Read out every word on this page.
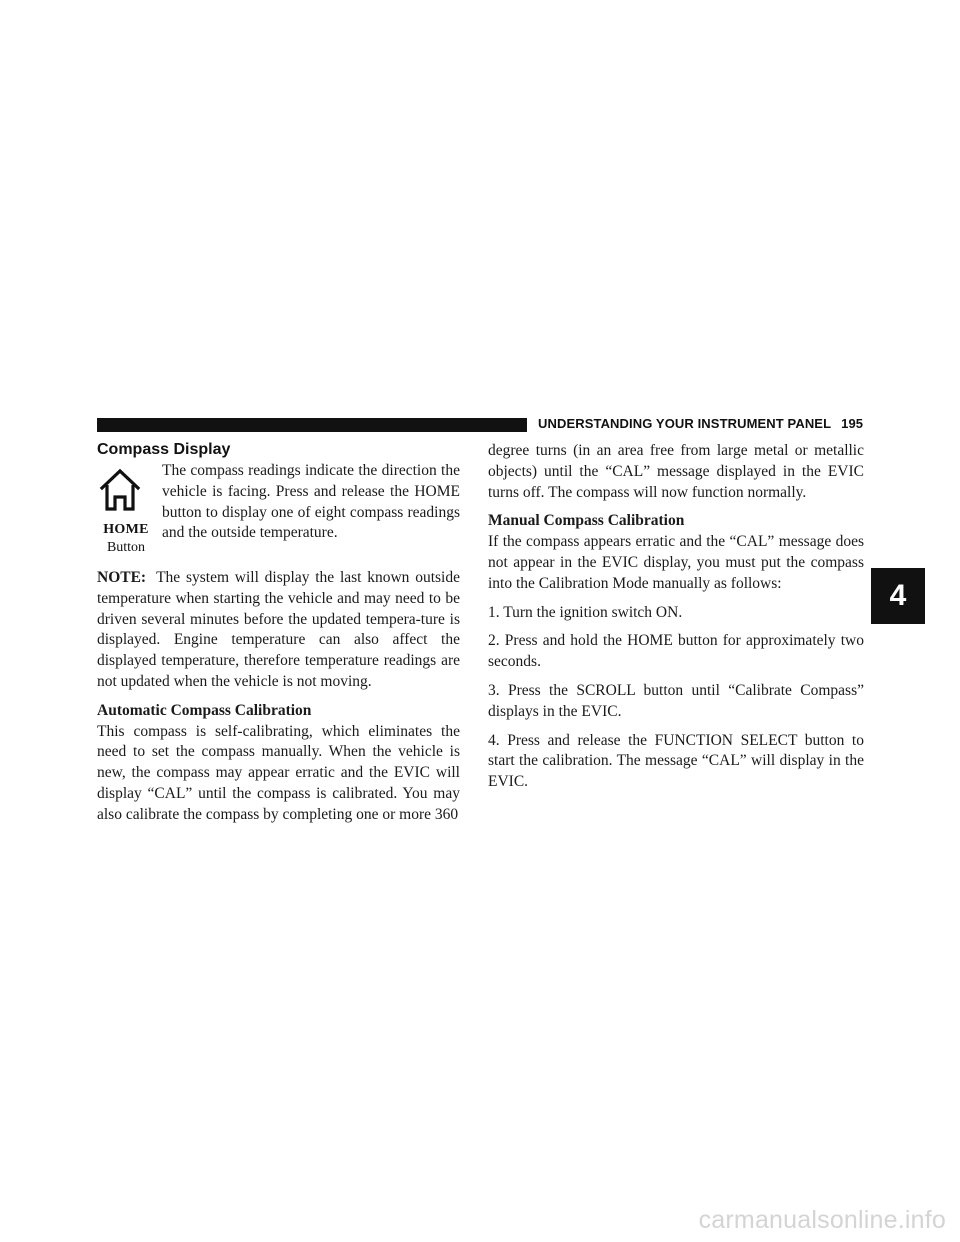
UNDERSTANDING YOUR INSTRUMENT PANEL 195
Compass Display
HOME
Button

The compass readings indicate the direction the vehicle is facing. Press and release the HOME button to display one of eight compass readings and the outside temperature.

NOTE: The system will display the last known outside temperature when starting the vehicle and may need to be driven several minutes before the updated tempera-ture is displayed. Engine temperature can also affect the displayed temperature, therefore temperature readings are not updated when the vehicle is not moving.

Automatic Compass Calibration

This compass is self-calibrating, which eliminates the need to set the compass manually. When the vehicle is new, the compass may appear erratic and the EVIC will display “CAL” until the compass is calibrated. You may also calibrate the compass by completing one or more 360

degree turns (in an area free from large metal or metallic objects) until the “CAL” message displayed in the EVIC turns off. The compass will now function normally.

Manual Compass Calibration

If the compass appears erratic and the “CAL” message does not appear in the EVIC display, you must put the compass into the Calibration Mode manually as follows:

1. Turn the ignition switch ON.

2. Press and hold the HOME button for approximately two seconds.

3. Press the SCROLL button until “Calibrate Compass” displays in the EVIC.

4. Press and release the FUNCTION SELECT button to start the calibration. The message “CAL” will display in the EVIC.

4
carmanualsonline.info
